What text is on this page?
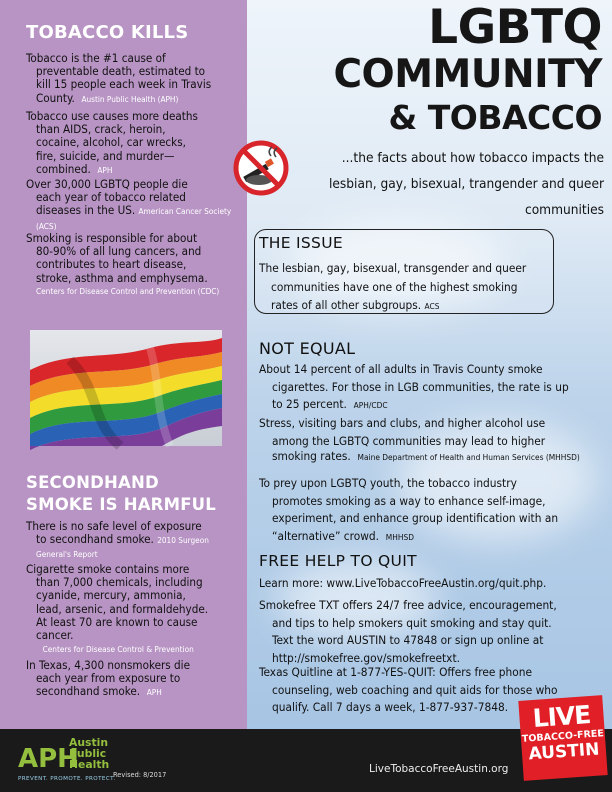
TOBACCO KILLS
Tobacco is the #1 cause of
preventable death, estimated to
kill 15 people each week in Travis
County. Austin Public Health (APH)
Tobacco use causes more deaths
than AIDS, crack, heroin,
cocaine, alcohol, car wrecks,
fire, suicide, and murder—
combined. APH
Over 30,000 LGBTQ people die
each year of tobacco related
diseases in the US. American Cancer Society (ACS)
Smoking is responsible for about
80-90% of all lung cancers, and
contributes to heart disease,
stroke, asthma and emphysema.
Centers for Disease Control and Prevention (CDC)
SECONDHAND
SMOKE IS HARMFUL
There is no safe level of exposure
to secondhand smoke. 2010 Surgeon General's Report
Cigarette smoke contains more
than 7,000 chemicals, including
cyanide, mercury, ammonia,
lead, arsenic, and formaldehyde.
At least 70 are known to cause
cancer.
Centers for Disease Control & Prevention
In Texas, 4,300 nonsmokers die
each year from exposure to
secondhand smoke. APH
LGBTQ
COMMUNITY
& TOBACCO
...the facts about how tobacco impacts the
lesbian, gay, bisexual, trangender and queer
communities
THE ISSUE
The lesbian, gay, bisexual, transgender and queer
communities have one of the highest smoking
rates of all other subgroups. ACS
NOT EQUAL
About 14 percent of all adults in Travis County smoke
cigarettes. For those in LGB communities, the rate is up
to 25 percent. APH/CDC
Stress, visiting bars and clubs, and higher alcohol use
among the LGBTQ communities may lead to higher
smoking rates. Maine Department of Health and Human Services (MHHSD)
To prey upon LGBTQ youth, the tobacco industry
promotes smoking as a way to enhance self-image,
experiment, and enhance group identification with an
“alternative” crowd. MHHSD
FREE HELP TO QUIT
Learn more: www.LiveTobaccoFreeAustin.org/quit.php.
Smokefree TXT offers 24/7 free advice, encouragement,
and tips to help smokers quit smoking and stay quit.
Text the word AUSTIN to 47848 or sign up online at
http://smokefree.gov/smokefreetxt.
Texas Quitline at 1-877-YES-QUIT: Offers free phone
counseling, web coaching and quit aids for those who
qualify. Call 7 days a week, 1-877-937-7848.
APH
Austin
Public
Health
PREVENT. PROMOTE. PROTECT.
Revised: 8/2017	LiveTobaccoFreeAustin.org
LIVE
TOBACCO-FREE
AUSTIN
